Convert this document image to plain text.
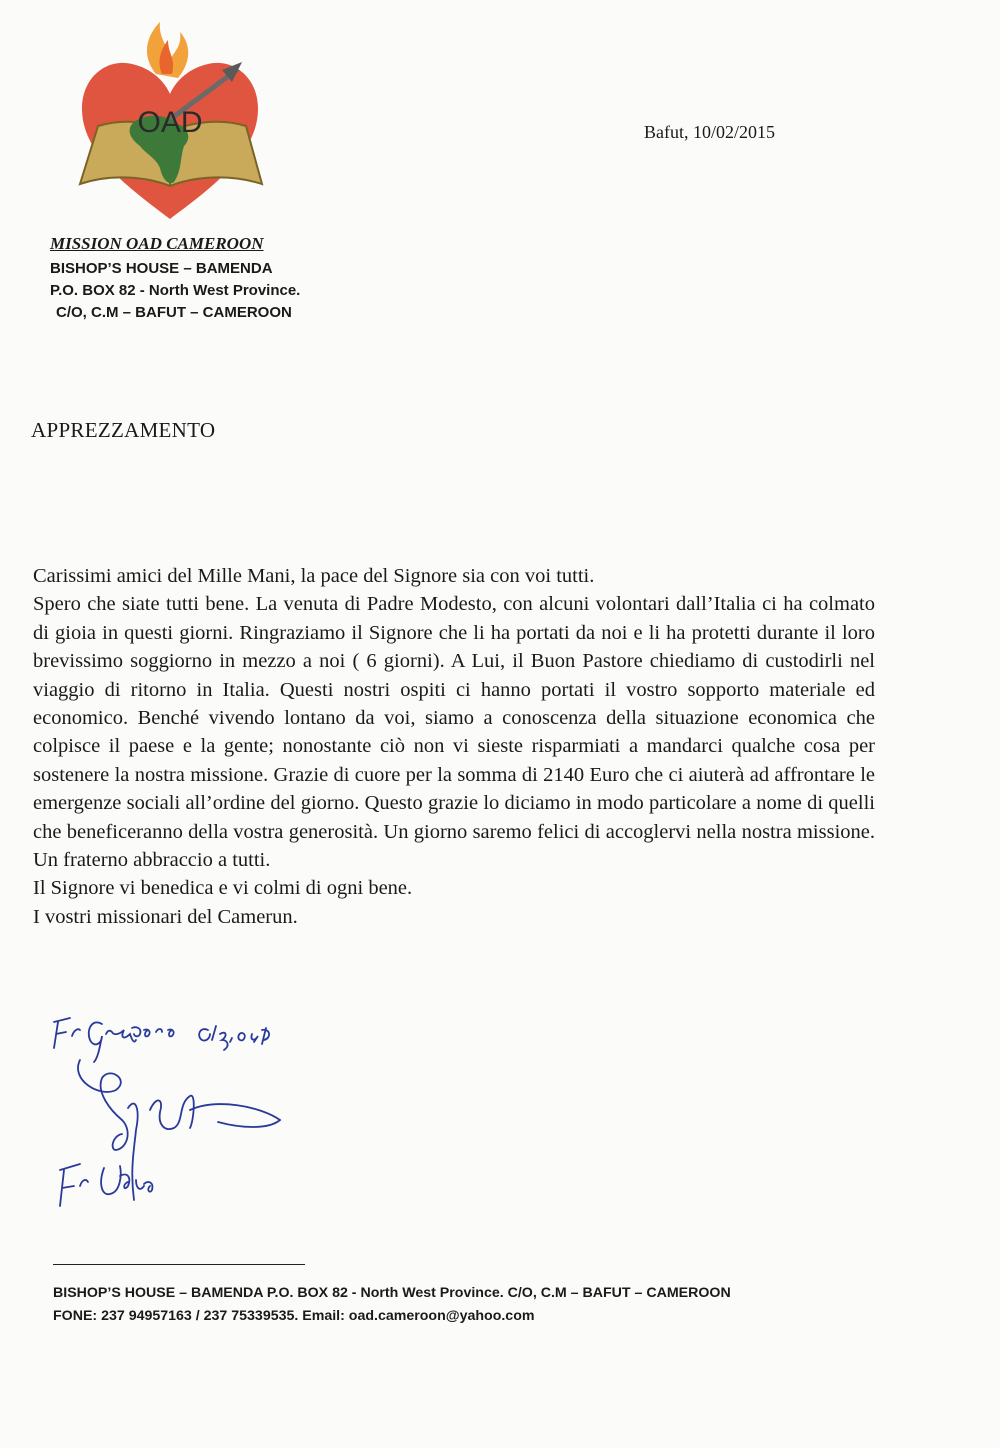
OAD	Bafut, 10/02/2015
MISSION OAD CAMEROON
BISHOP’S HOUSE – BAMENDA
P.O. BOX 82 - North West Province.
C/O, C.M – BAFUT – CAMEROON
APPREZZAMENTO
Carissimi amici del Mille Mani, la pace del Signore sia con voi tutti.
Spero che siate tutti bene. La venuta di Padre Modesto, con alcuni volontari dall’Italia ci ha colmato di gioia in questi giorni. Ringraziamo il Signore che li ha portati da noi e li ha protetti durante il loro brevissimo soggiorno in mezzo a noi ( 6 giorni). A Lui, il Buon Pastore chiediamo di custodirli nel viaggio di ritorno in Italia. Questi nostri ospiti ci hanno portati il vostro sopporto materiale ed economico. Benché vivendo lontano da voi, siamo a conoscenza della situazione economica che colpisce il paese e la gente; nonostante ciò non vi sieste risparmiati a mandarci qualche cosa per sostenere la nostra missione. Grazie di cuore per la somma di 2140 Euro che ci aiuterà ad affrontare le emergenze sociali all’ordine del giorno. Questo grazie lo diciamo in modo particolare a nome di quelli che beneficeranno della vostra generosità. Un giorno saremo felici di accoglervi nella nostra missione. Un fraterno abbraccio a tutti.
Il Signore vi benedica e vi colmi di ogni bene.
I vostri missionari del Camerun.
BISHOP’S HOUSE – BAMENDA P.O. BOX 82 - North West Province. C/O, C.M – BAFUT – CAMEROON
FONE: 237 94957163 / 237 75339535. Email: oad.cameroon@yahoo.com
